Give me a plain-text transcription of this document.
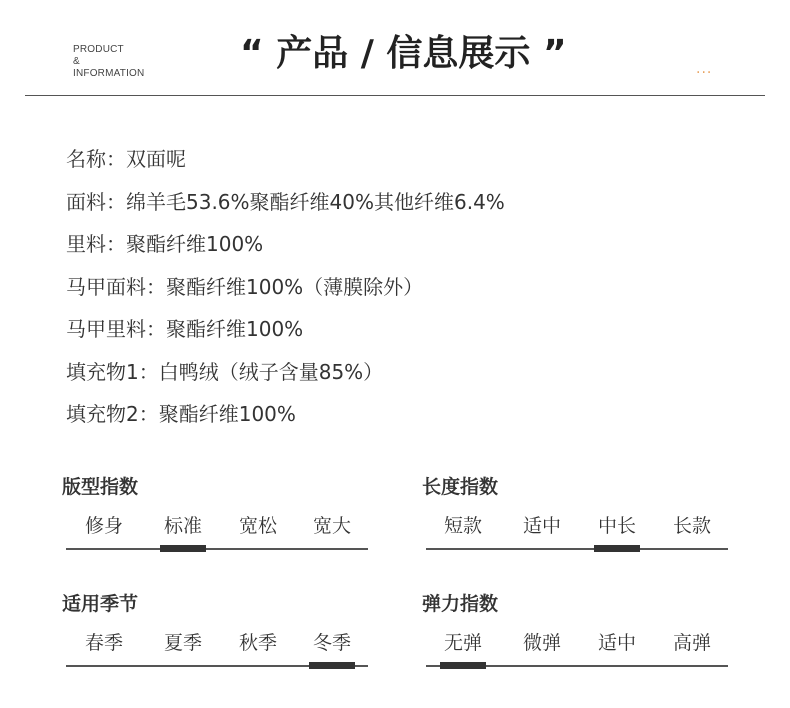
PRODUCT
&
INFORMATION	“ 产品 / 信息展示 ”	...
名称：双面呢
面料：绵羊毛53.6%聚酯纤维40%其他纤维6.4%
里料：聚酯纤维100%
马甲面料：聚酯纤维100%（薄膜除外）
马甲里料：聚酯纤维100%
填充物1：白鸭绒（绒子含量85%）
填充物2：聚酯纤维100%
版型指数
修身	标准	宽松	宽大
长度指数
短款	适中	中长	长款
适用季节
春季	夏季	秋季	冬季
弹力指数
无弹	微弹	适中	高弹
